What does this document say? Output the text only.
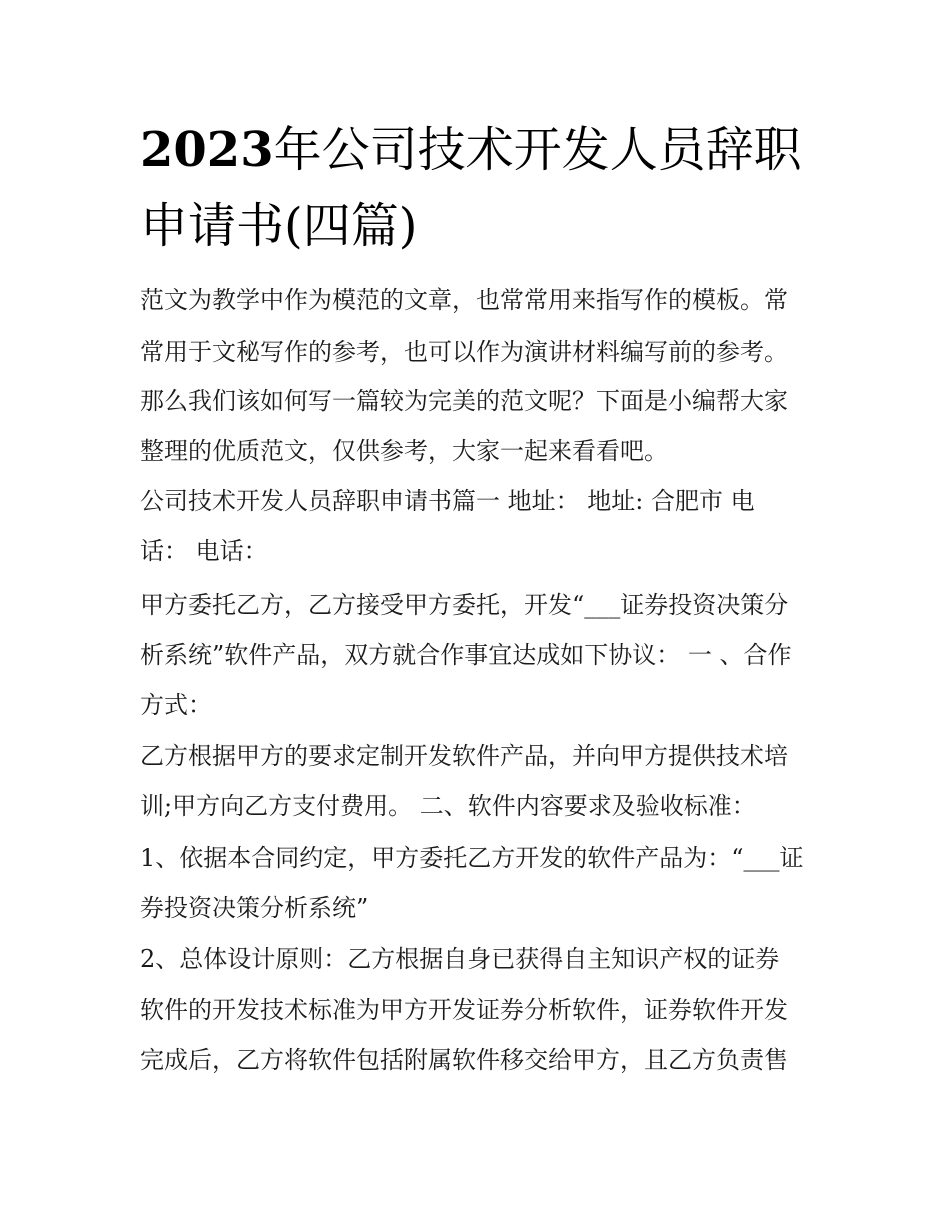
2023年公司技术开发人员辞职
申请书(四篇)
范文为教学中作为模范的文章，也常常用来指写作的模板。常
常用于文秘写作的参考，也可以作为演讲材料编写前的参考。
那么我们该如何写一篇较为完美的范文呢？下面是小编帮大家
整理的优质范文，仅供参考，大家一起来看看吧。
公司技术开发人员辞职申请书篇一 地址： 地址: 合肥市 电
话： 电话：
甲方委托乙方，乙方接受甲方委托，开发“___证券投资决策分
析系统”软件产品，双方就合作事宜达成如下协议： 一 、合作
方式：
乙方根据甲方的要求定制开发软件产品，并向甲方提供技术培
训;甲方向乙方支付费用。 二、软件内容要求及验收标准：
1、依据本合同约定，甲方委托乙方开发的软件产品为：“___证
券投资决策分析系统”
2、总体设计原则：乙方根据自身已获得自主知识产权的证券
软件的开发技术标准为甲方开发证券分析软件，证券软件开发
完成后，乙方将软件包括附属软件移交给甲方，且乙方负责售
